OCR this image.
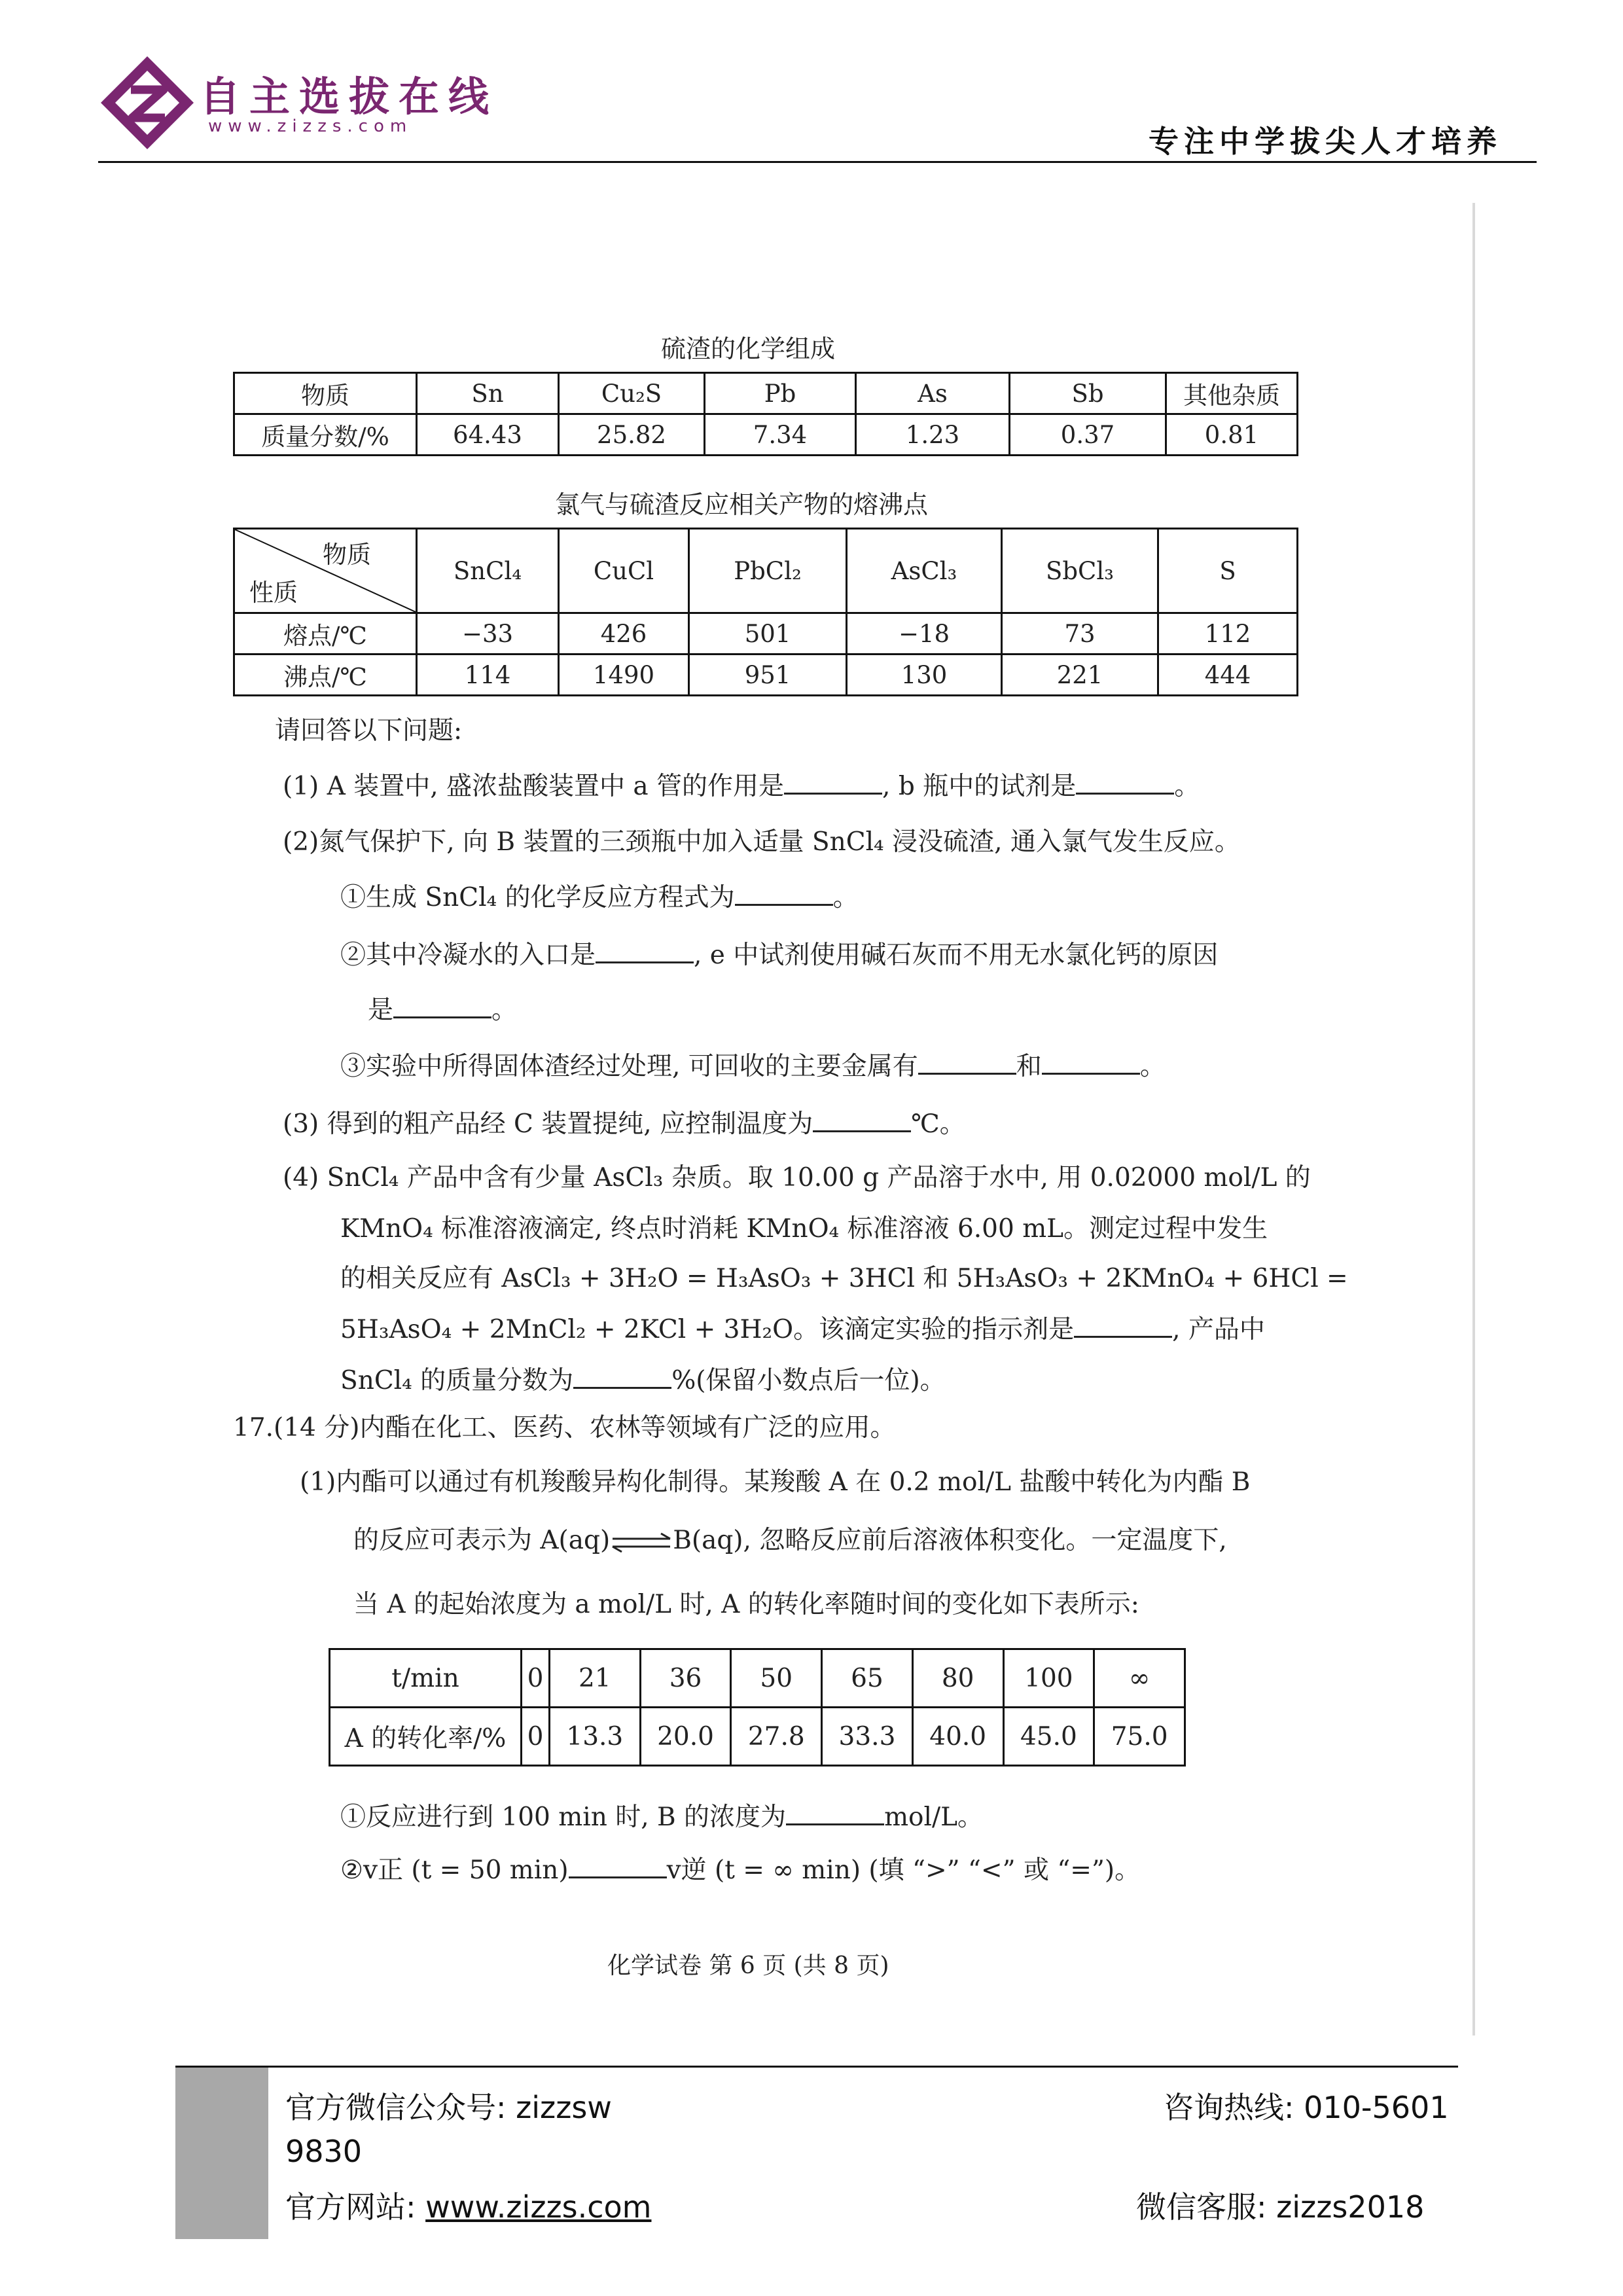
自主选拔在线
www.zizzs.com	专注中学拔尖人才培养
硫渣的化学组成
物质	Sn	Cu₂S	Pb	As	Sb	其他杂质
质量分数/%	64.43	25.82	7.34	1.23	0.37	0.81
氯气与硫渣反应相关产物的熔沸点
物质
性质	SnCl₄	CuCl	PbCl₂	AsCl₃	SbCl₃	S
熔点/℃	−33	426	501	−18	73	112
沸点/℃	114	1490	951	130	221	444
请回答以下问题:
(1) A 装置中, 盛浓盐酸装置中 a 管的作用是	, b 瓶中的试剂是	。
(2)氮气保护下, 向 B 装置的三颈瓶中加入适量 SnCl₄ 浸没硫渣, 通入氯气发生反应。
①生成 SnCl₄ 的化学反应方程式为	。
②其中冷凝水的入口是	, e 中试剂使用碱石灰而不用无水氯化钙的原因
是	。
③实验中所得固体渣经过处理, 可回收的主要金属有	和	。
(3) 得到的粗产品经 C 装置提纯, 应控制温度为	℃。
(4) SnCl₄ 产品中含有少量 AsCl₃ 杂质。取 10.00 g 产品溶于水中, 用 0.02000 mol/L 的
KMnO₄ 标准溶液滴定, 终点时消耗 KMnO₄ 标准溶液 6.00 mL。测定过程中发生
的相关反应有 AsCl₃ + 3H₂O = H₃AsO₃ + 3HCl 和 5H₃AsO₃ + 2KMnO₄ + 6HCl =
5H₃AsO₄ + 2MnCl₂ + 2KCl + 3H₂O。该滴定实验的指示剂是	, 产品中
SnCl₄ 的质量分数为	%(保留小数点后一位)。
17.(14 分)内酯在化工、医药、农林等领域有广泛的应用。
(1)内酯可以通过有机羧酸异构化制得。某羧酸 A 在 0.2 mol/L 盐酸中转化为内酯 B
的反应可表示为 A(aq)⇌B(aq), 忽略反应前后溶液体积变化。一定温度下,
当 A 的起始浓度为 a mol/L 时, A 的转化率随时间的变化如下表所示:
t/min	0	21	36	50	65	80	100	∞
A 的转化率/%	0	13.3	20.0	27.8	33.3	40.0	45.0	75.0
①反应进行到 100 min 时, B 的浓度为	mol/L。
②v正 (t = 50 min)	v逆 (t = ∞ min) (填 “>” “<” 或 “=”)。
化学试卷 第 6 页 (共 8 页)
官方微信公众号: zizzsw
9830
官方网站: www.zizzs.com
咨询热线: 010-5601
微信客服: zizzs2018
